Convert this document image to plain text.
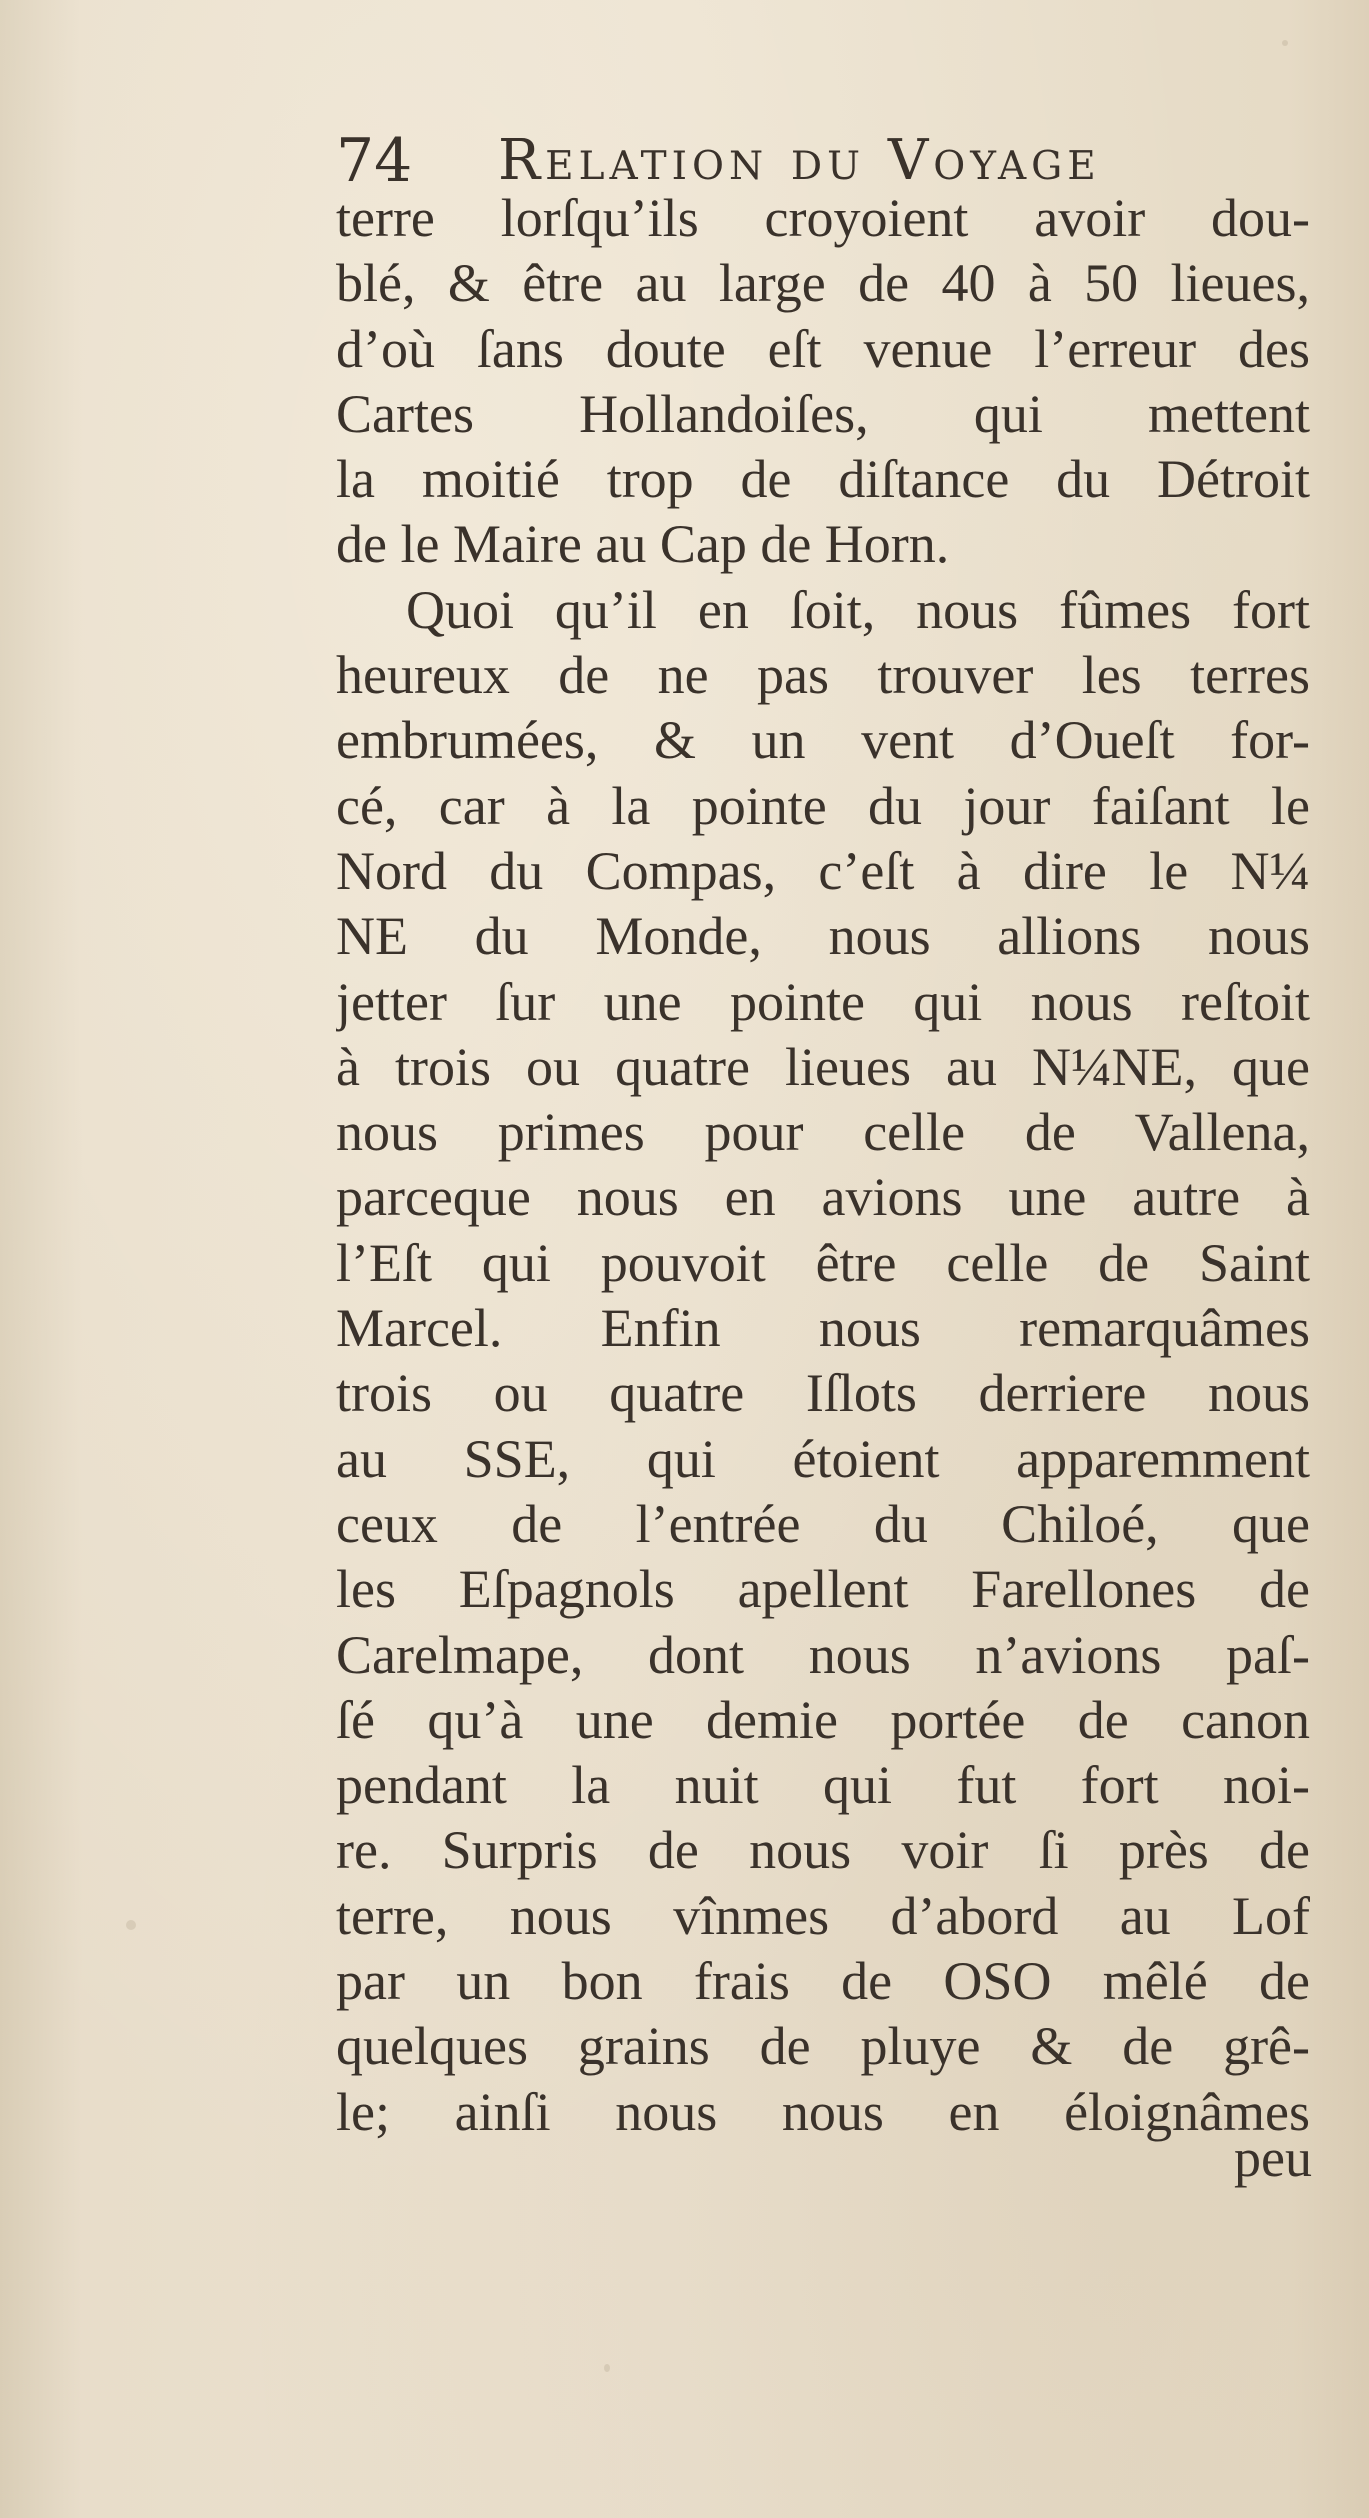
74 Relation du Voyage
terre lorſqu’ils croyoient avoir dou-
blé, & être au large de 40 à 50 lieues,
d’où ſans doute eſt venue l’erreur des
Cartes Hollandoiſes, qui mettent
la moitié trop de diſtance du Détroit
de le Maire au Cap de Horn.
Quoi qu’il en ſoit, nous fûmes fort
heureux de ne pas trouver les terres
embrumées, & un vent d’Oueſt for-
cé, car à la pointe du jour faiſant le
Nord du Compas, c’eſt à dire le N¼
NE du Monde, nous allions nous
jetter ſur une pointe qui nous reſtoit
à trois ou quatre lieues au N¼NE, que
nous primes pour celle de Vallena,
parceque nous en avions une autre à
l’Eſt qui pouvoit être celle de Saint
Marcel. Enfin nous remarquâmes
trois ou quatre Iſlots derriere nous
au SSE, qui étoient apparemment
ceux de l’entrée du Chiloé, que
les Eſpagnols apellent Farellones de
Carelmape, dont nous n’avions paſ-
ſé qu’à une demie portée de canon
pendant la nuit qui fut fort noi-
re. Surpris de nous voir ſi près de
terre, nous vînmes d’abord au Lof
par un bon frais de OSO mêlé de
quelques grains de pluye & de grê-
le; ainſi nous nous en éloignâmes
peu
